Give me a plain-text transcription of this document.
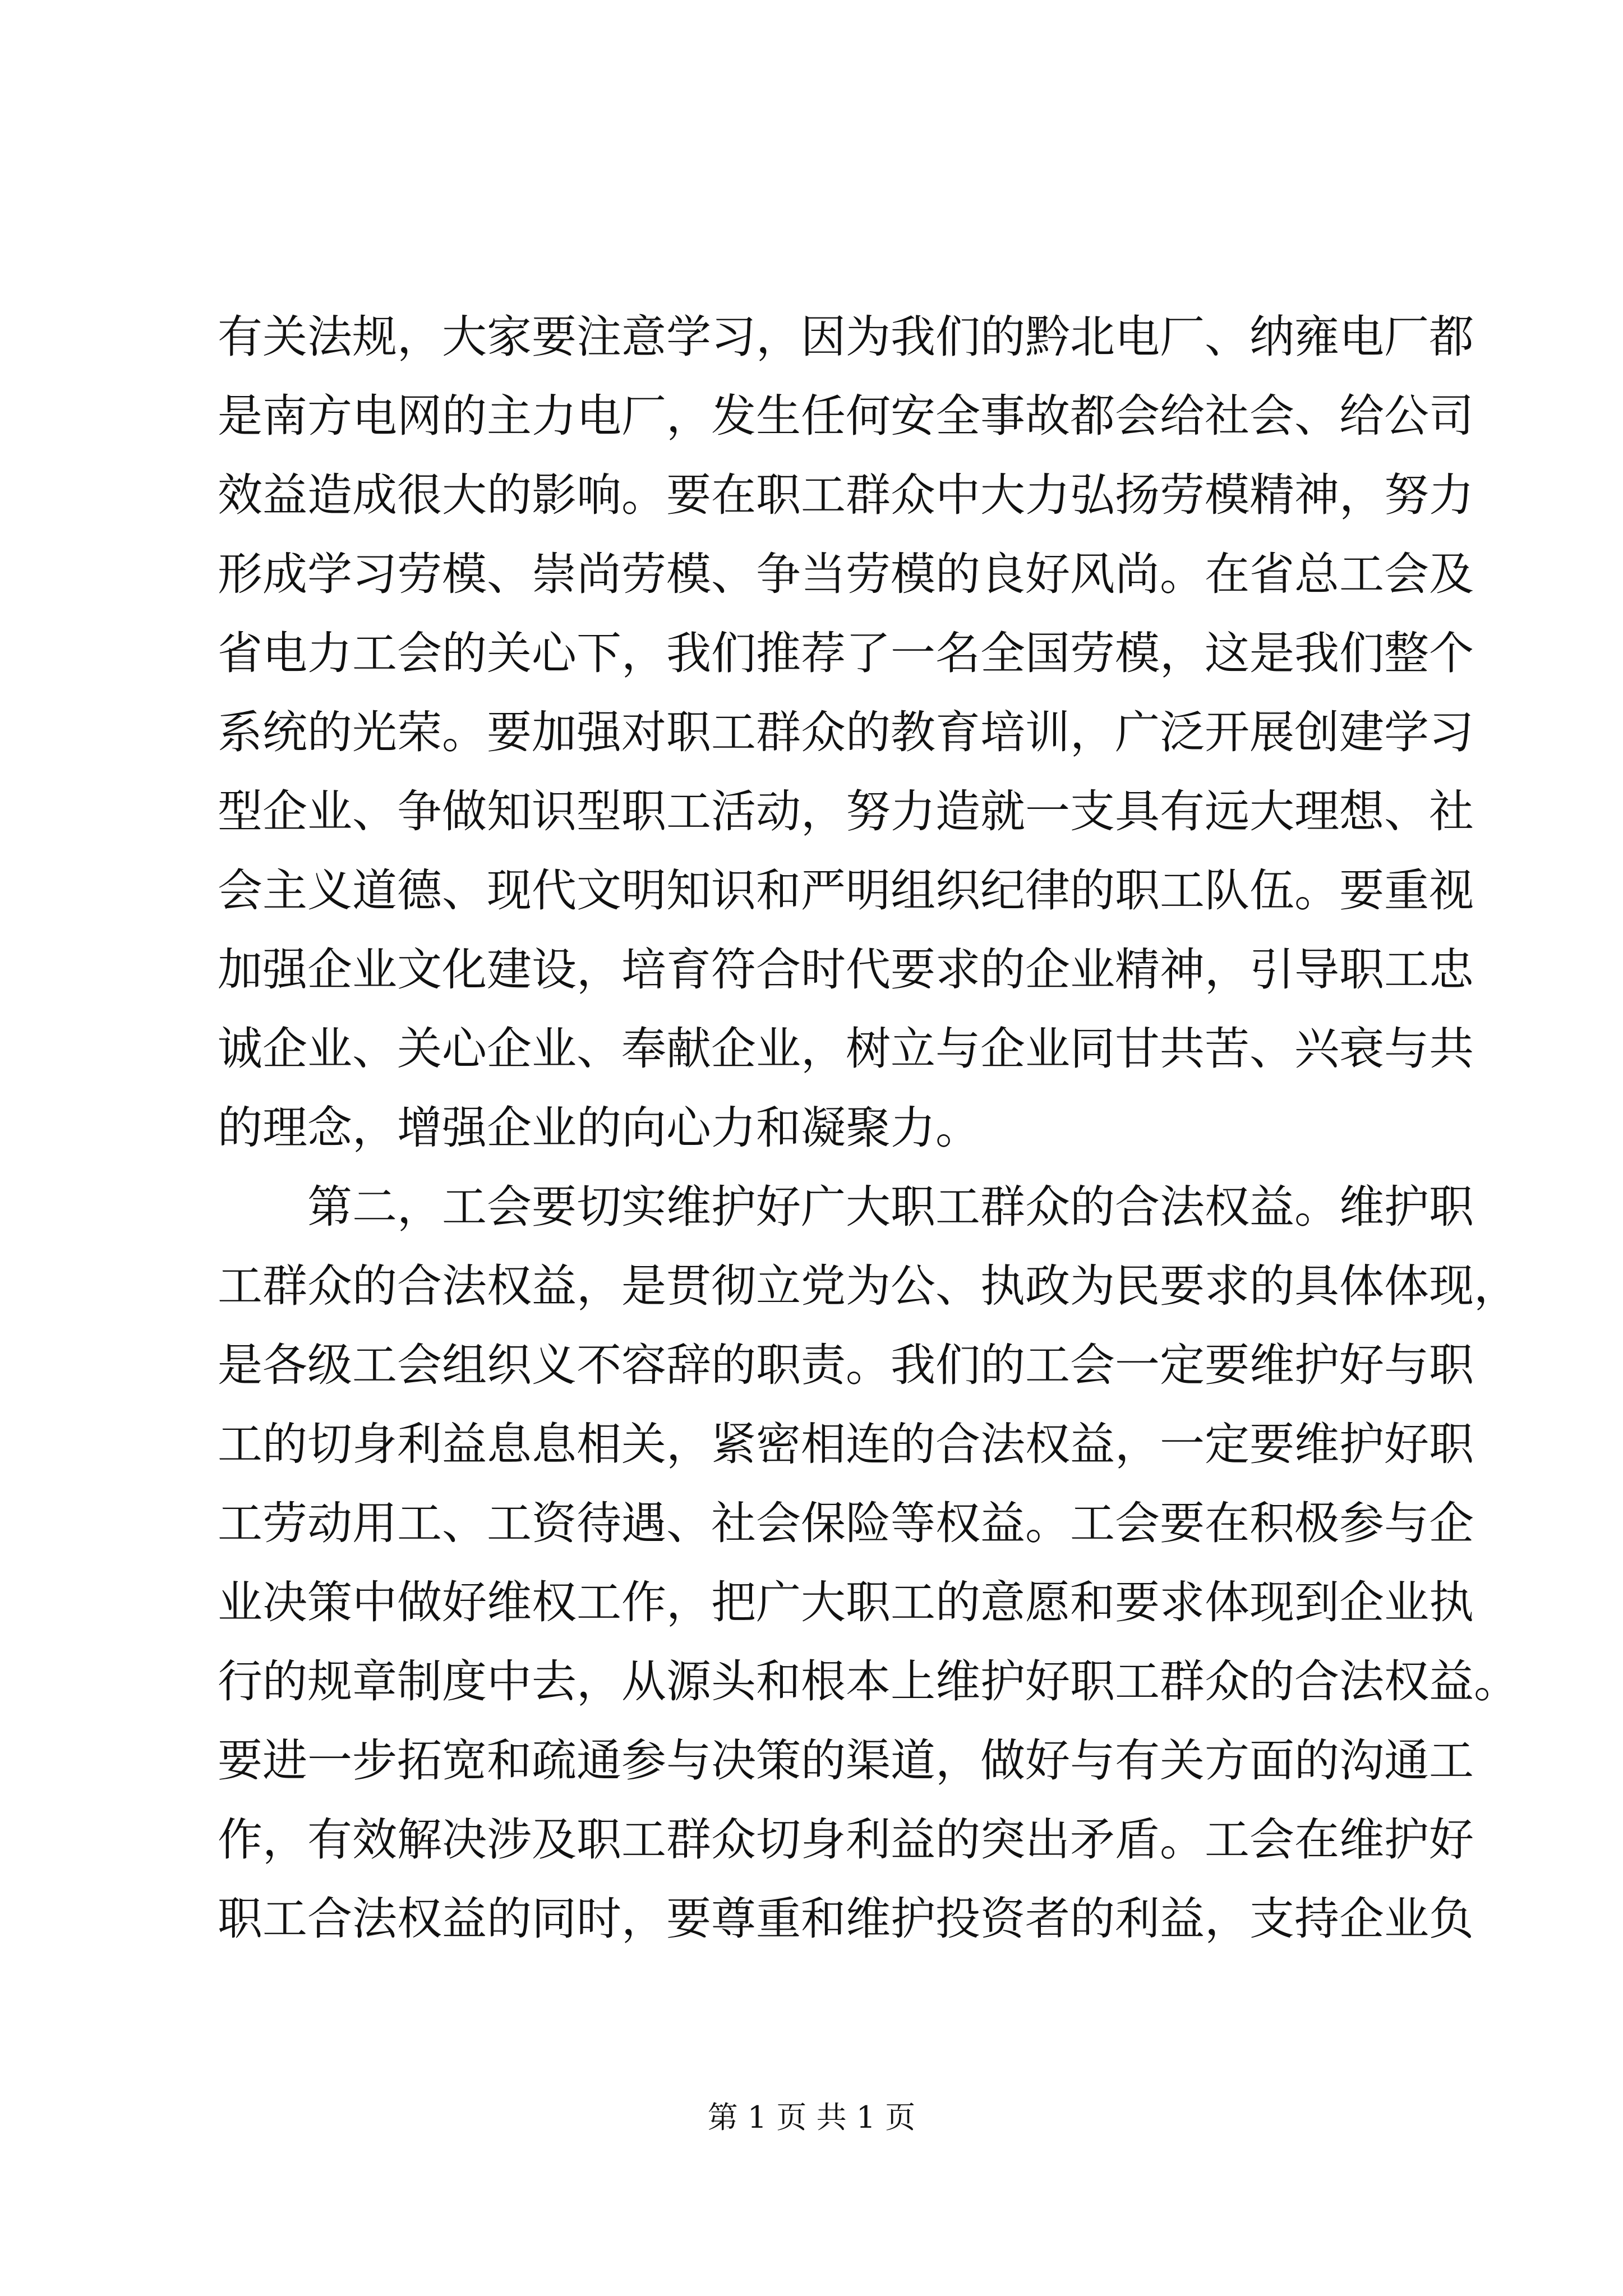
有关法规，大家要注意学习，因为我们的黔北电厂、纳雍电厂都
是南方电网的主力电厂，发生任何安全事故都会给社会、给公司
效益造成很大的影响。要在职工群众中大力弘扬劳模精神，努力
形成学习劳模、崇尚劳模、争当劳模的良好风尚。在省总工会及
省电力工会的关心下，我们推荐了一名全国劳模，这是我们整个
系统的光荣。要加强对职工群众的教育培训，广泛开展创建学习
型企业、争做知识型职工活动，努力造就一支具有远大理想、社
会主义道德、现代文明知识和严明组织纪律的职工队伍。要重视
加强企业文化建设，培育符合时代要求的企业精神，引导职工忠
诚企业、关心企业、奉献企业，树立与企业同甘共苦、兴衰与共
的理念，增强企业的向心力和凝聚力。
第二，工会要切实维护好广大职工群众的合法权益。维护职
工群众的合法权益，是贯彻立党为公、执政为民要求的具体体现，
是各级工会组织义不容辞的职责。我们的工会一定要维护好与职
工的切身利益息息相关，紧密相连的合法权益，一定要维护好职
工劳动用工、工资待遇、社会保险等权益。工会要在积极参与企
业决策中做好维权工作，把广大职工的意愿和要求体现到企业执
行的规章制度中去，从源头和根本上维护好职工群众的合法权益。
要进一步拓宽和疏通参与决策的渠道，做好与有关方面的沟通工
作，有效解决涉及职工群众切身利益的突出矛盾。工会在维护好
职工合法权益的同时，要尊重和维护投资者的利益，支持企业负
第 1 页 共 1 页
